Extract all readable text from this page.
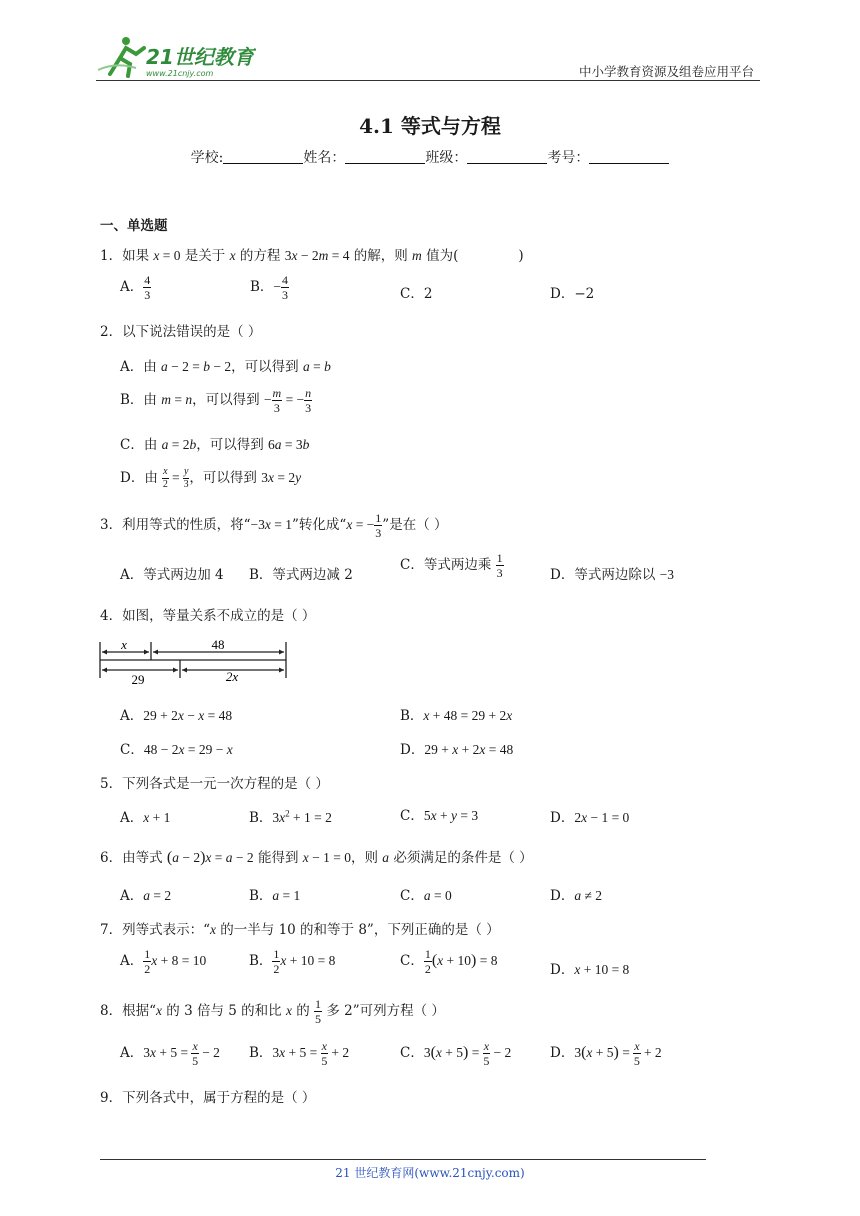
21世纪教育
www.21cnjy.com	中小学教育资源及组卷应用平台
4.1 等式与方程
学校:	姓名：	班级：	考号：
一、单选题
1．如果 x = 0 是关于 x 的方程 3x − 2m = 4 的解，则 m 值为(              )
A． $\frac{4}{3}$	B．− $\frac{4}{3}$	C．2	D．−2
2．以下说法错误的是（ ）
A．由 a − 2 = b − 2，可以得到 a = b
B．由 m = n，可以得到 − $\frac{m}{3}$ = − $\frac{n}{3}$
C．由 a = 2b，可以得到 6a = 3b
D．由 $\frac{x}{2} = \frac{y}{3}$ ，可以得到 3x = 2y
3．利用等式的性质，将“−3x = 1”转化成“x = − $\frac{1}{3}$ ”是在（ ）
A．等式两边加 4 B．等式两边减 2
C．等式两边乘 $\frac{1}{3}$	D．等式两边除以 −3
4．如图，等量关系不成立的是（ ）
x	48
29	2x
A．29 + 2x − x = 48	B．x + 48 = 29 + 2x
C．48 − 2x = 29 − x	D．29 + x + 2x = 48
5．下列各式是一元一次方程的是（ ）
A．x + 1	B．$3x^2 + 1 = 2$	C．5x + y = 3	D．2x − 1 = 0
6．由等式 (a − 2)x = a − 2 能得到 x − 1 = 0，则 a 必须满足的条件是（ ）
A．a = 2	B．a = 1	C．a = 0	D．a ≠ 2
7．列等式表示：“x 的一半与 10 的和等于 8”，下列正确的是（ ）
A． $\frac{1}{2}$ x + 8 = 10	B． $\frac{1}{2}$ x + 10 = 8	C． $\frac{1}{2} (x + 10) = 8$
D．x + 10 = 8
8．根据“x 的 3 倍与 5 的和比 x 的 $\frac{1}{5}$ 多 2”可列方程（ ）
A．$3x + 5 = \frac{x}{5} - 2$ B．$3x + 5 = \frac{x}{5} + 2$	C．$3(x + 5) = \frac{x}{5} - 2$	D．$3(x + 5) = \frac{x}{5} + 2$
9．下列各式中，属于方程的是（ ）
21 世纪教育网(www.21cnjy.com)
